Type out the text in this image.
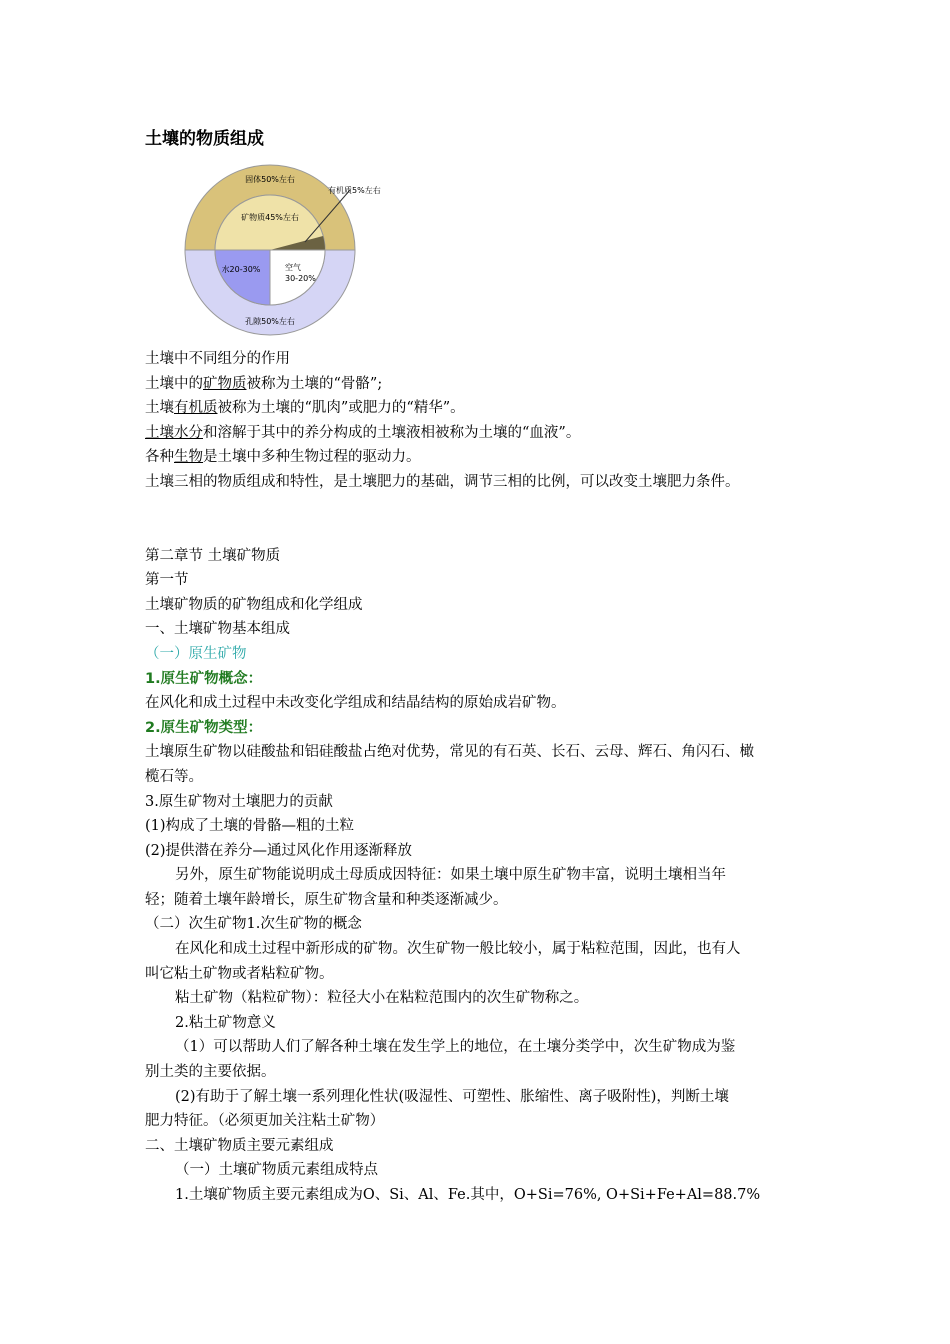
土壤的物质组成
固体50%左右
矿物质45%左右
有机质5%左右
水20-30%	空气
30-20%
孔隙50%左右
土壤中不同组分的作用
土壤中的矿物质被称为土壤的“骨骼”;
土壤有机质被称为土壤的“肌肉”或肥力的“精华”。
土壤水分和溶解于其中的养分构成的土壤液相被称为土壤的“血液”。
各种生物是土壤中多种生物过程的驱动力。
土壤三相的物质组成和特性，是土壤肥力的基础，调节三相的比例，可以改变土壤肥力条件。
第二章节 土壤矿物质
第一节
土壤矿物质的矿物组成和化学组成
一、土壤矿物基本组成
（一）原生矿物
1.原生矿物概念：
在风化和成土过程中未改变化学组成和结晶结构的原始成岩矿物。
2.原生矿物类型：
土壤原生矿物以硅酸盐和铝硅酸盐占绝对优势，常见的有石英、长石、云母、辉石、角闪石、橄
榄石等。
3.原生矿物对土壤肥力的贡献
(1)构成了土壤的骨骼—粗的土粒
(2)提供潜在养分—通过风化作用逐渐释放
另外，原生矿物能说明成土母质成因特征：如果土壤中原生矿物丰富，说明土壤相当年
轻；随着土壤年龄增长，原生矿物含量和种类逐渐减少。
（二）次生矿物1.次生矿物的概念
在风化和成土过程中新形成的矿物。次生矿物一般比较小，属于粘粒范围，因此，也有人
叫它粘土矿物或者粘粒矿物。
粘土矿物（粘粒矿物）：粒径大小在粘粒范围内的次生矿物称之。
2.粘土矿物意义
（1）可以帮助人们了解各种土壤在发生学上的地位，在土壤分类学中，次生矿物成为鉴
别土类的主要依据。
(2)有助于了解土壤一系列理化性状(吸湿性、可塑性、胀缩性、离子吸附性)，判断土壤
肥力特征。（必须更加关注粘土矿物）
二、土壤矿物质主要元素组成
（一）土壤矿物质元素组成特点
1.土壤矿物质主要元素组成为O、Si、Al、Fe.其中，O+Si=76%, O+Si+Fe+Al=88.7%
